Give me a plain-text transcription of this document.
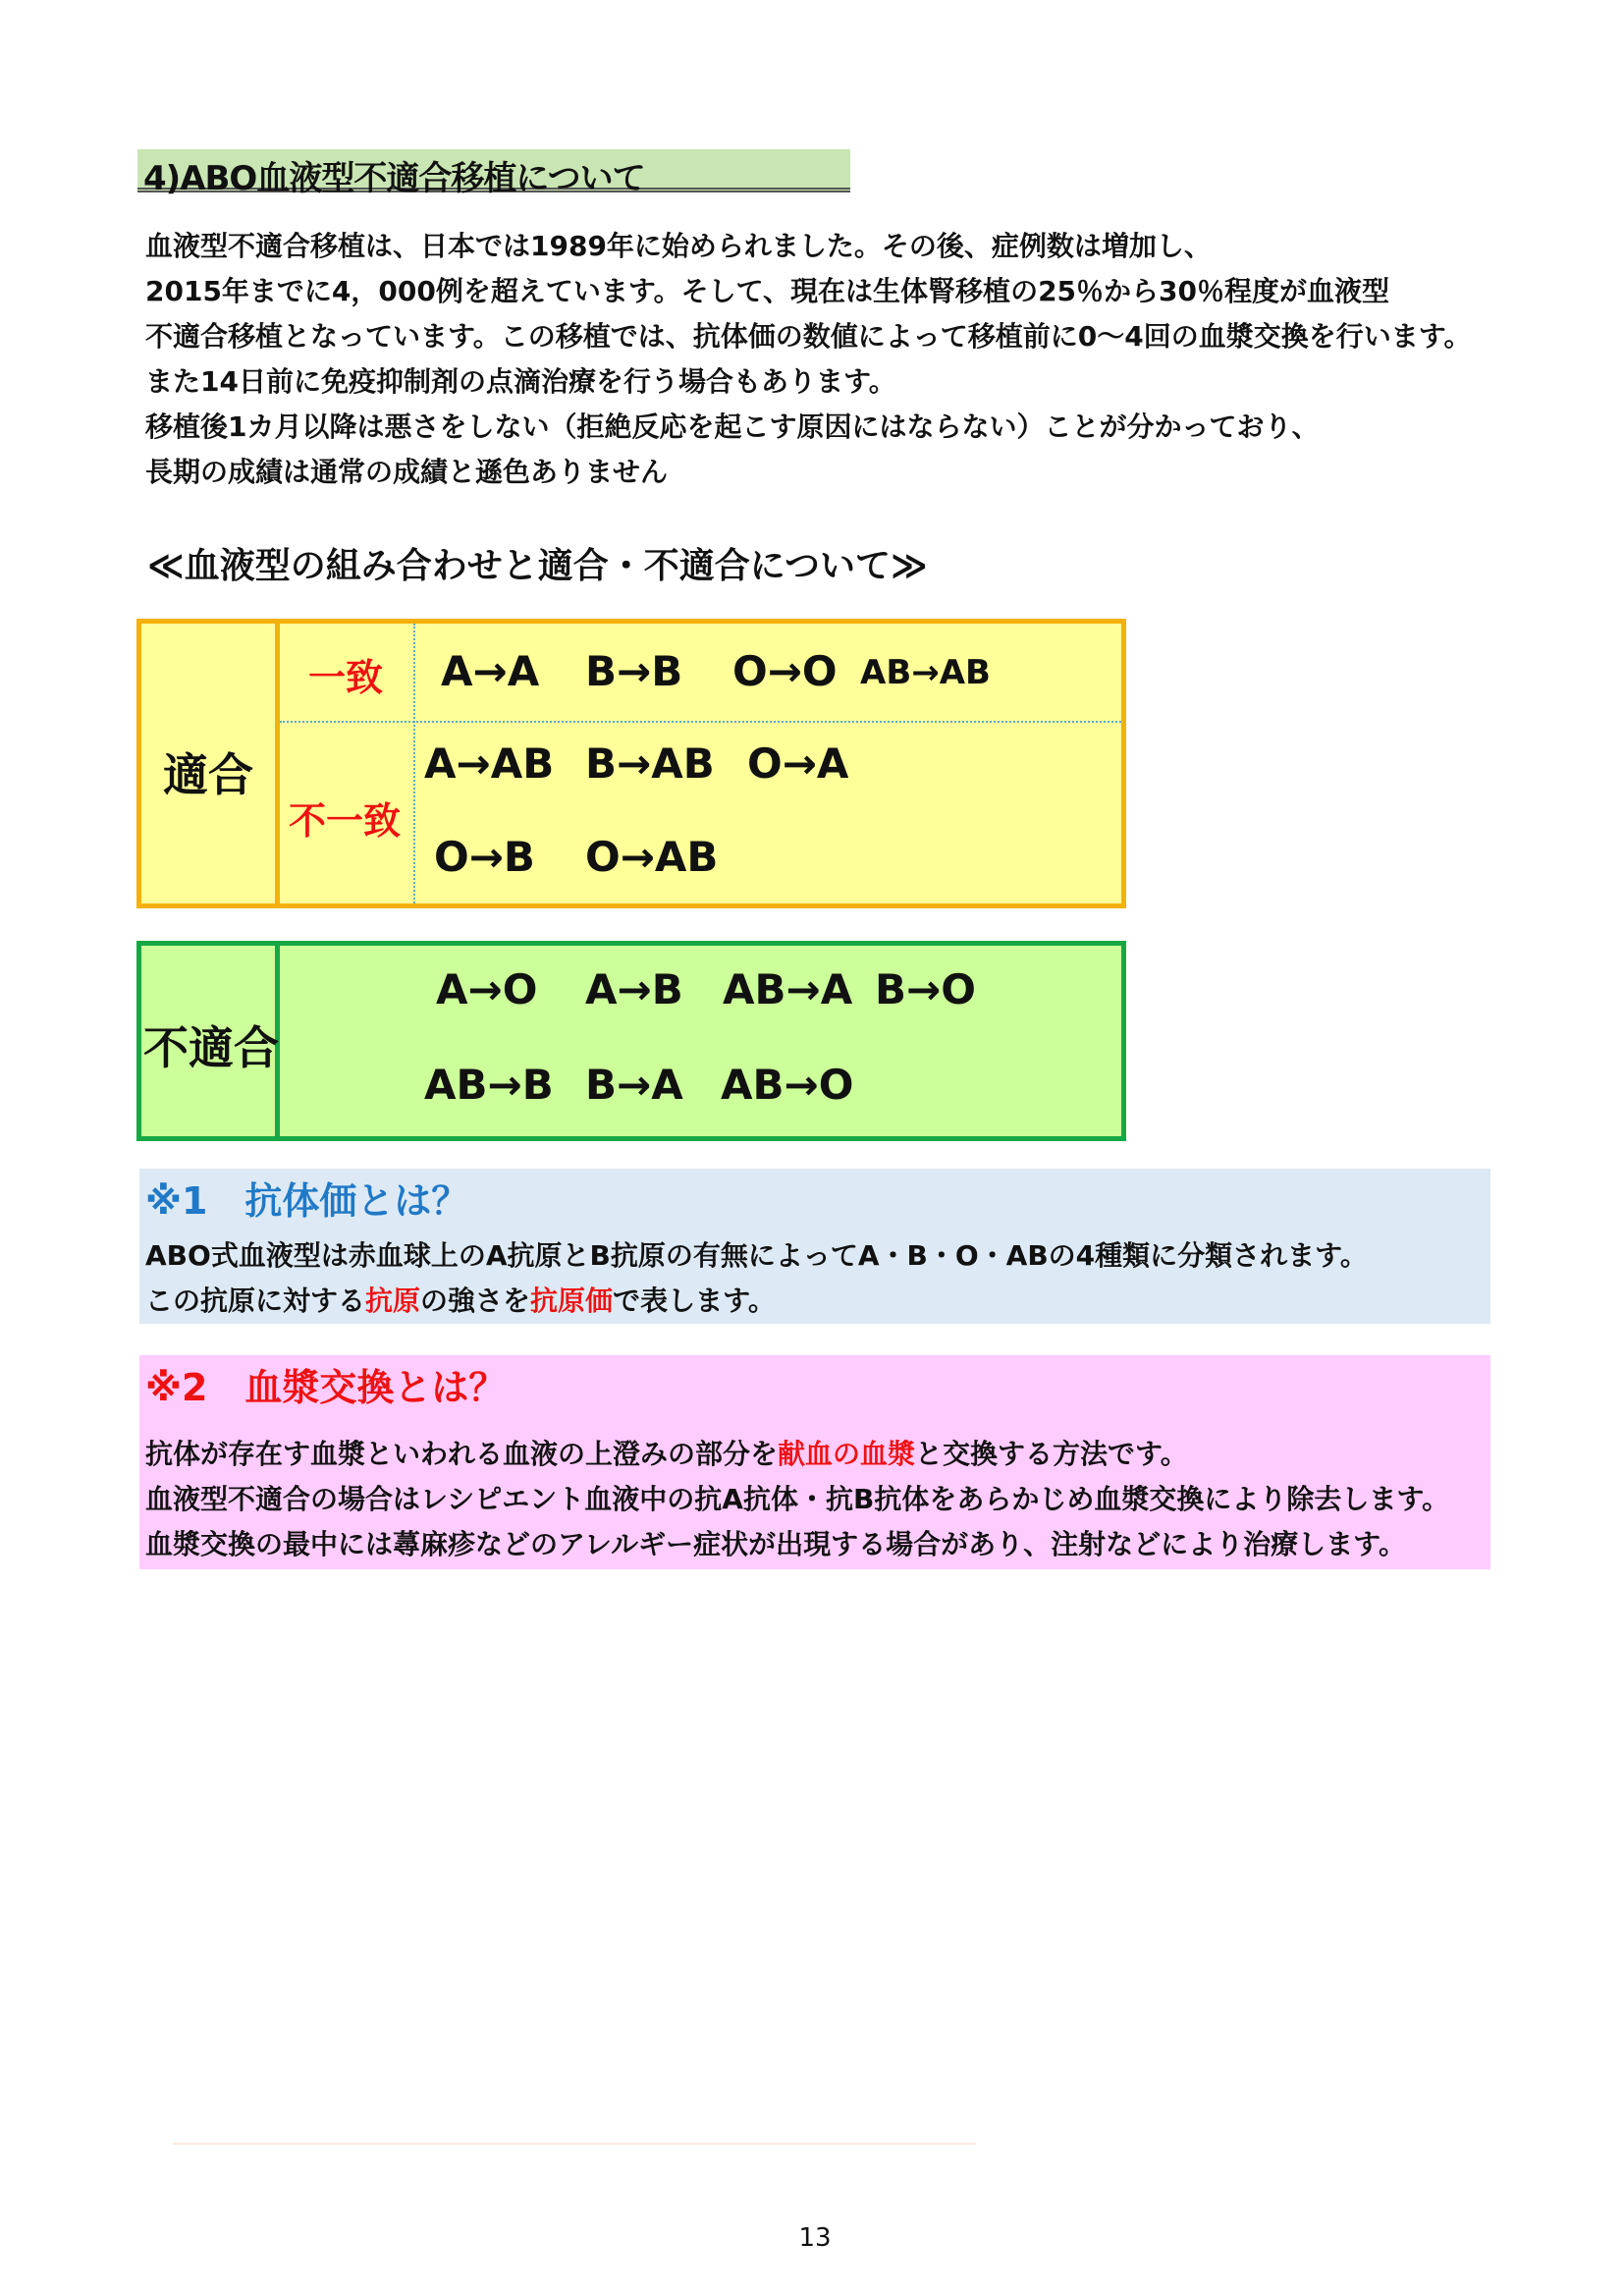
4)ABO血液型不適合移植について

血液型不適合移植は、日本では1989年に始められました。その後、症例数は増加し、

2015年までに4，000例を超えています。そして、現在は生体腎移植の25％から30％程度が血液型

不適合移植となっています。この移植では、抗体価の数値によって移植前に0～4回の血漿交換を行います。

また14日前に免疫抑制剤の点滴治療を行う場合もあります。

移植後1カ月以降は悪さをしない（拒絶反応を起こす原因にはならない）ことが分かっており、

長期の成績は通常の成績と遜色ありません

≪血液型の組み合わせと適合・不適合について≫
適合
一致
不一致
A→A B→B O→O AB→AB
A→AB B→AB O→A
O→B O→AB
不適合
A→O A→B AB→A B→O
AB→B B→A AB→O
※1　抗体価とは？

ABO式血液型は赤血球上のA抗原とB抗原の有無によってA・B・O・ABの4種類に分類されます。

この抗原に対する抗原の強さを抗原価で表します。

※2　血漿交換とは？

抗体が存在す血漿といわれる血液の上澄みの部分を献血の血漿と交換する方法です。

血液型不適合の場合はレシピエント血液中の抗A抗体・抗B抗体をあらかじめ血漿交換により除去します。

血漿交換の最中には蕁麻疹などのアレルギー症状が出現する場合があり、注射などにより治療します。

13
